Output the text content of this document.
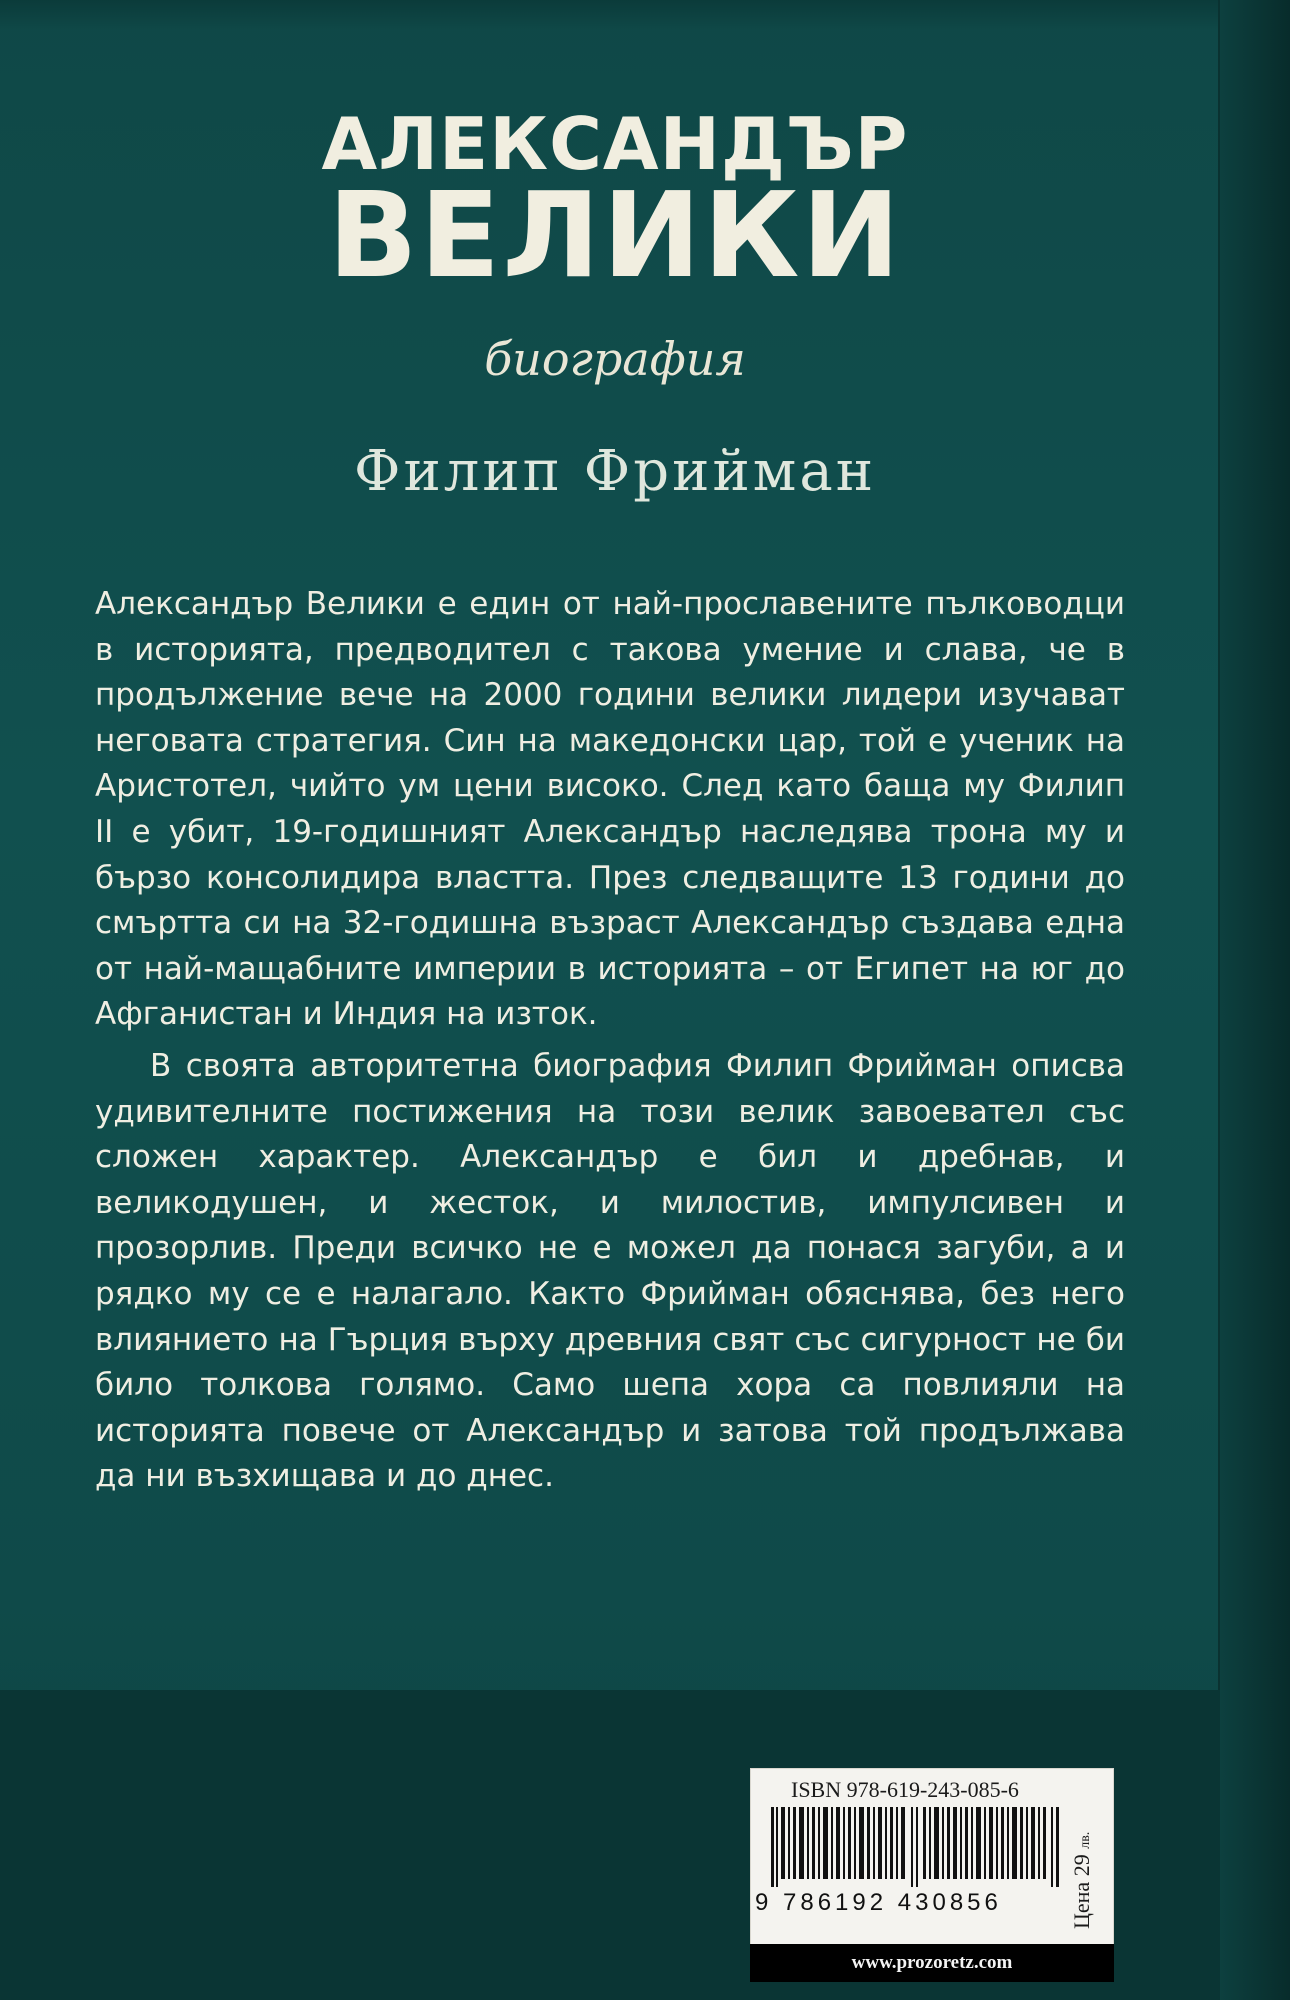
АЛЕКСАНДЪР
ВЕЛИКИ
биография
Филип Фрийман

Александър Велики е един от най-прославените пълководци в историята, предводител с такова умение и слава, че в продължение вече на 2000 години велики лидери изучават неговата стратегия. Син на македонски цар, той е ученик на Аристотел, чийто ум цени високо. След като баща му Филип II е убит, 19-годишният Александър наследява трона му и бързо консолидира властта. През следващите 13 години до смъртта си на 32-годишна възраст Александър създава една от най-мащабните империи в историята – от Египет на юг до Афганистан и Индия на изток.

В своята авторитетна биография Филип Фрийман описва удивителните постижения на този велик завоевател със сложен характер. Александър е бил и дребнав, и великодушен, и жесток, и милостив, импулсивен и прозорлив. Преди всичко не е можел да понася загуби, а и рядко му се е налагало. Както Фрийман обяснява, без него влиянието на Гърция върху древния свят със сигурност не би било толкова голямо. Само шепа хора са повлияли на историята повече от Александър и затова той продължава да ни възхищава и до днес.

ISBN 978-619-243-085-6
9 786192 430856	Цена 29 лв.
www.prozoretz.com
